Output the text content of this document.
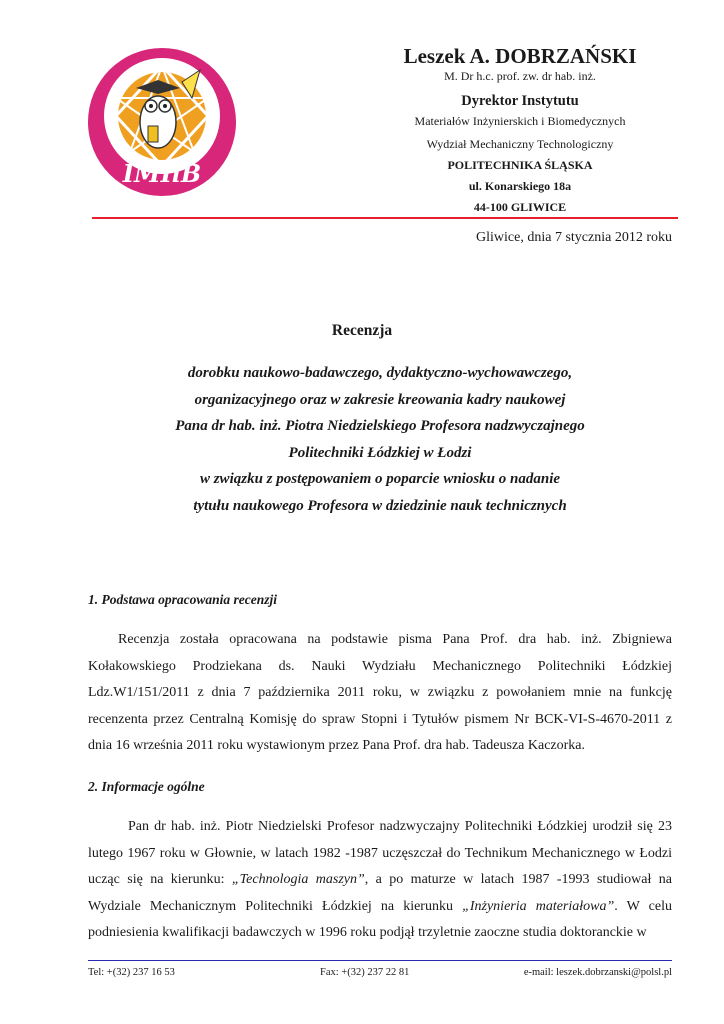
IMIiB
Leszek A. DOBRZAŃSKI
M. Dr h.c. prof. zw. dr hab. inż.
Dyrektor Instytutu
Materiałów Inżynierskich i Biomedycznych
Wydział Mechaniczny Technologiczny
POLITECHNIKA ŚLĄSKA
ul. Konarskiego 18a
44-100 GLIWICE
Gliwice, dnia 7 stycznia 2012 roku
Recenzja
dorobku naukowo-badawczego, dydaktyczno-wychowawczego,
organizacyjnego oraz w zakresie kreowania kadry naukowej
Pana dr hab. inż. Piotra Niedzielskiego Profesora nadzwyczajnego
Politechniki Łódzkiej w Łodzi
w związku z postępowaniem o poparcie wniosku o nadanie
tytułu naukowego Profesora w dziedzinie nauk technicznych
1. Podstawa opracowania recenzji
Recenzja została opracowana na podstawie pisma Pana Prof. dra hab. inż. Zbigniewa Kołakowskiego Prodziekana ds. Nauki Wydziału Mechanicznego Politechniki Łódzkiej Ldz.W1/151/2011 z dnia 7 października 2011 roku, w związku z powołaniem mnie na funkcję recenzenta przez Centralną Komisję do spraw Stopni i Tytułów pismem Nr BCK-VI-S-4670-2011 z dnia 16 września 2011 roku wystawionym przez Pana Prof. dra hab. Tadeusza Kaczorka.
2. Informacje ogólne
Pan dr hab. inż. Piotr Niedzielski Profesor nadzwyczajny Politechniki Łódzkiej urodził się 23 lutego 1967 roku w Głownie, w latach 1982 -1987 uczęszczał do Technikum Mechanicznego w Łodzi ucząc się na kierunku: „Technologia maszyn”, a po maturze w latach 1987 -1993 studiował na Wydziale Mechanicznym Politechniki Łódzkiej na kierunku „Inżynieria materiałowa”. W celu podniesienia kwalifikacji badawczych w 1996 roku podjął trzyletnie zaoczne studia doktoranckie w
Tel: +(32) 237 16 53	Fax: +(32) 237 22 81	e-mail: leszek.dobrzanski@polsl.pl
